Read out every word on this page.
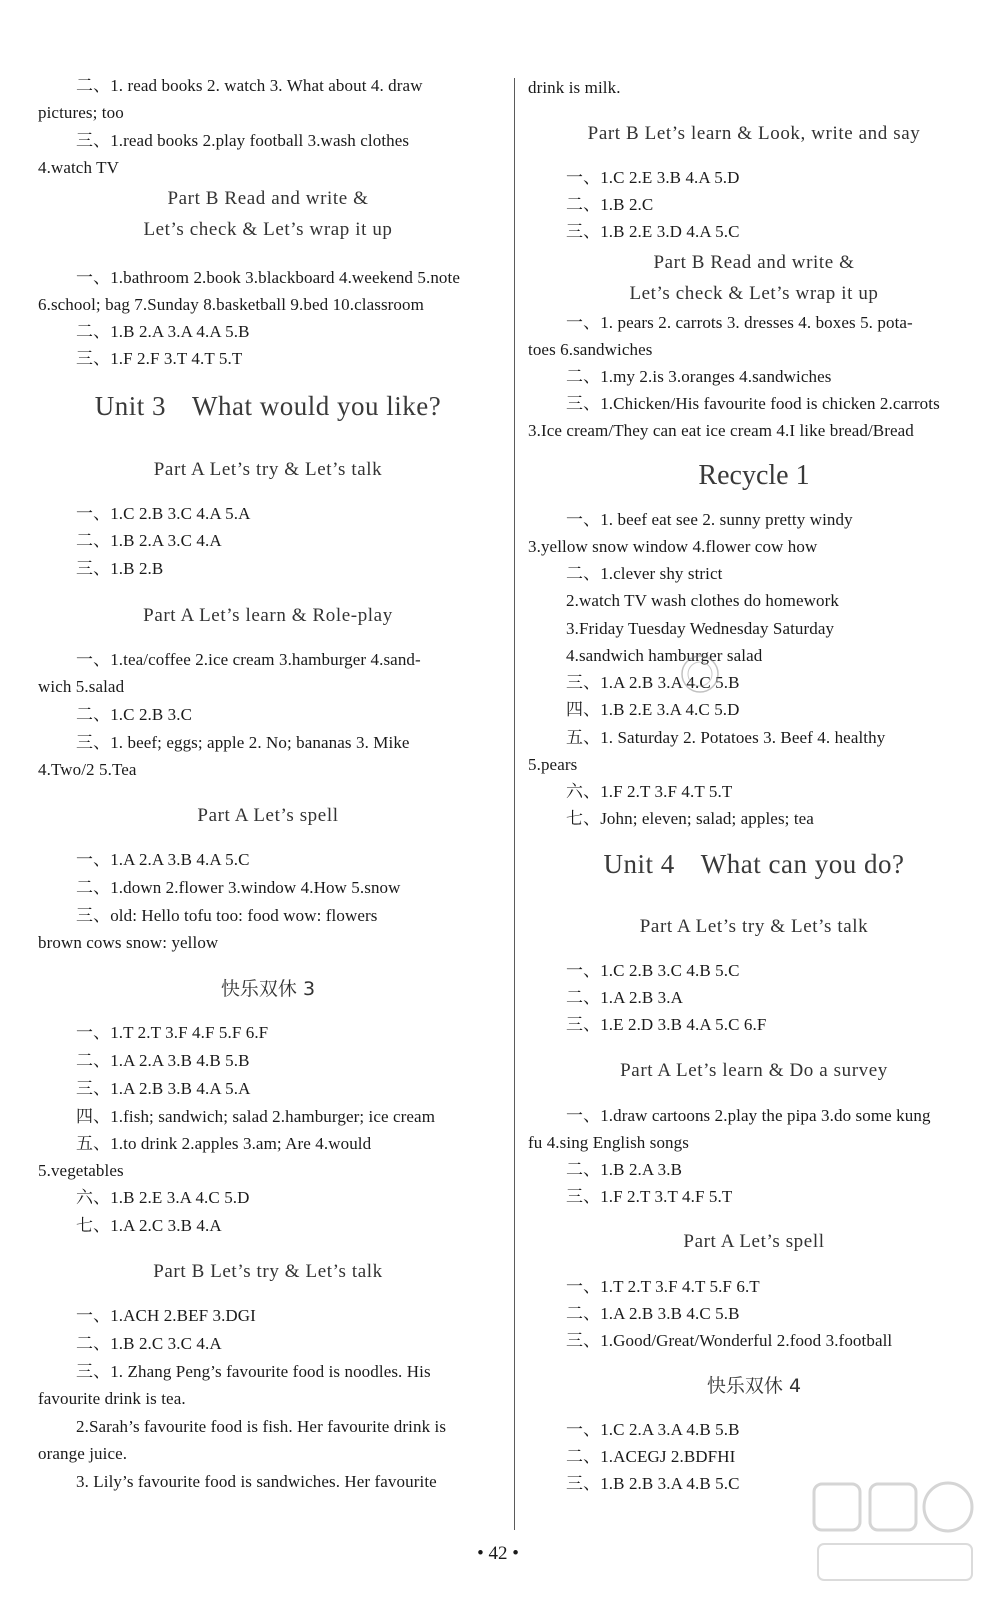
二、1. read books 2. watch 3. What about 4. draw
pictures; too
三、1.read books 2.play football 3.wash clothes
4.watch TV
Part B Read and write &
Let’s check & Let’s wrap it up
一、1.bathroom 2.book 3.blackboard 4.weekend 5.note
6.school; bag 7.Sunday 8.basketball 9.bed 10.classroom
二、1.B 2.A 3.A 4.A 5.B
三、1.F 2.F 3.T 4.T 5.T
Unit 3 What would you like?
Part A Let’s try & Let’s talk
一、1.C 2.B 3.C 4.A 5.A
二、1.B 2.A 3.C 4.A
三、1.B 2.B
Part A Let’s learn & Role-play
一、1.tea/coffee 2.ice cream 3.hamburger 4.sand-
wich 5.salad
二、1.C 2.B 3.C
三、1. beef; eggs; apple 2. No; bananas 3. Mike
4.Two/2 5.Tea
Part A Let’s spell
一、1.A 2.A 3.B 4.A 5.C
二、1.down 2.flower 3.window 4.How 5.snow
三、old: Hello tofu too: food wow: flowers
brown cows snow: yellow
快乐双休 3
一、1.T 2.T 3.F 4.F 5.F 6.F
二、1.A 2.A 3.B 4.B 5.B
三、1.A 2.B 3.B 4.A 5.A
四、1.fish; sandwich; salad 2.hamburger; ice cream
五、1.to drink 2.apples 3.am; Are 4.would
5.vegetables
六、1.B 2.E 3.A 4.C 5.D
七、1.A 2.C 3.B 4.A
Part B Let’s try & Let’s talk
一、1.ACH 2.BEF 3.DGI
二、1.B 2.C 3.C 4.A
三、1. Zhang Peng’s favourite food is noodles. His
favourite drink is tea.
2.Sarah’s favourite food is fish. Her favourite drink is
orange juice.
3. Lily’s favourite food is sandwiches. Her favourite
drink is milk.
Part B Let’s learn & Look, write and say
一、1.C 2.E 3.B 4.A 5.D
二、1.B 2.C
三、1.B 2.E 3.D 4.A 5.C
Part B Read and write &
Let’s check & Let’s wrap it up
一、1. pears 2. carrots 3. dresses 4. boxes 5. pota-
toes 6.sandwiches
二、1.my 2.is 3.oranges 4.sandwiches
三、1.Chicken/His favourite food is chicken 2.carrots
3.Ice cream/They can eat ice cream 4.I like bread/Bread
Recycle 1
一、1. beef eat see 2. sunny pretty windy
3.yellow snow window 4.flower cow how
二、1.clever shy strict
2.watch TV wash clothes do homework
3.Friday Tuesday Wednesday Saturday
4.sandwich hamburger salad
三、1.A 2.B 3.A 4.C 5.B
四、1.B 2.E 3.A 4.C 5.D
五、1. Saturday 2. Potatoes 3. Beef 4. healthy
5.pears
六、1.F 2.T 3.F 4.T 5.T
七、John; eleven; salad; apples; tea
Unit 4 What can you do?
Part A Let’s try & Let’s talk
一、1.C 2.B 3.C 4.B 5.C
二、1.A 2.B 3.A
三、1.E 2.D 3.B 4.A 5.C 6.F
Part A Let’s learn & Do a survey
一、1.draw cartoons 2.play the pipa 3.do some kung
fu 4.sing English songs
二、1.B 2.A 3.B
三、1.F 2.T 3.T 4.F 5.T
Part A Let’s spell
一、1.T 2.T 3.F 4.T 5.F 6.T
二、1.A 2.B 3.B 4.C 5.B
三、1.Good/Great/Wonderful 2.food 3.football
快乐双休 4
一、1.C 2.A 3.A 4.B 5.B
二、1.ACEGJ 2.BDFHI
三、1.B 2.B 3.A 4.B 5.C
• 42 •
